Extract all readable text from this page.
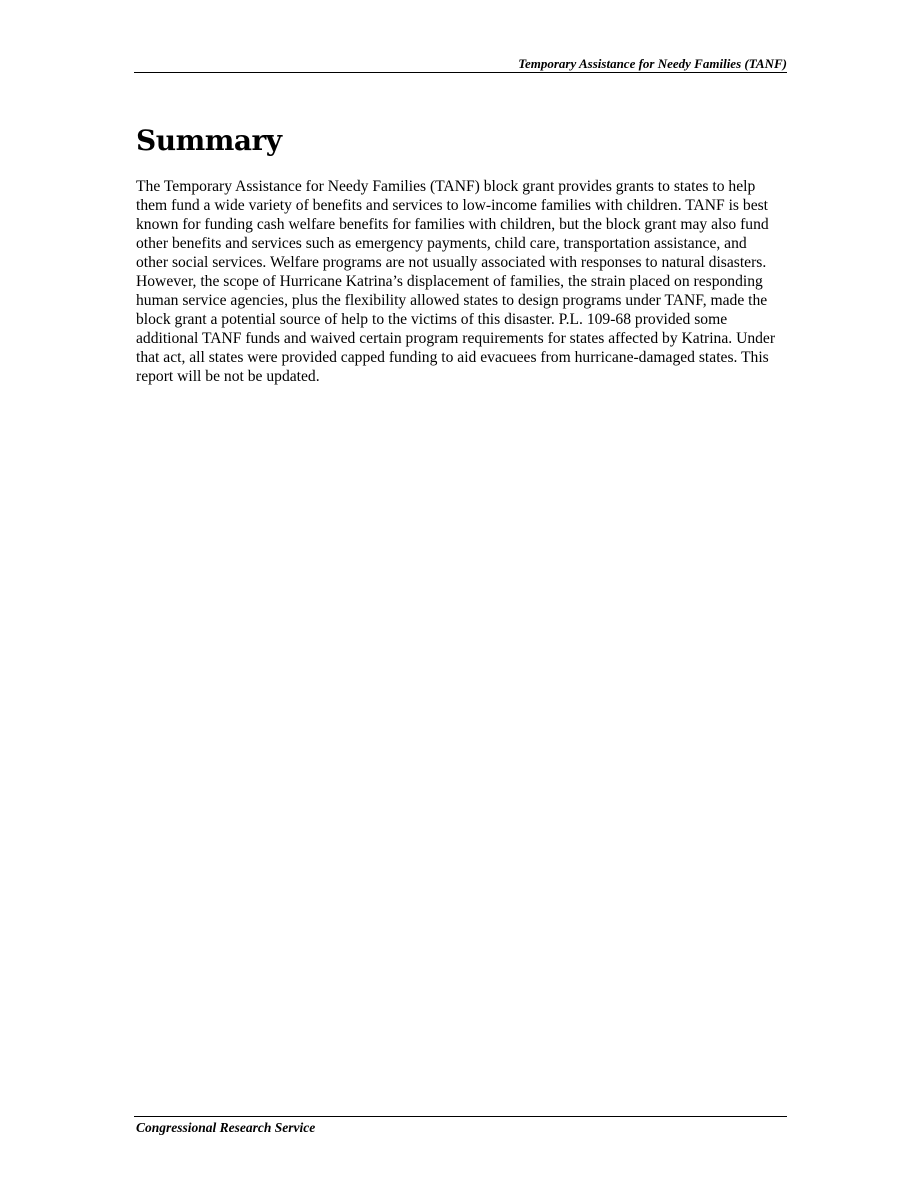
Temporary Assistance for Needy Families (TANF)
Summary

The Temporary Assistance for Needy Families (TANF) block grant provides grants to states to help them fund a wide variety of benefits and services to low-income families with children. TANF is best known for funding cash welfare benefits for families with children, but the block grant may also fund other benefits and services such as emergency payments, child care, transportation assistance, and other social services. Welfare programs are not usually associated with responses to natural disasters. However, the scope of Hurricane Katrina’s displacement of families, the strain placed on responding human service agencies, plus the flexibility allowed states to design programs under TANF, made the block grant a potential source of help to the victims of this disaster. P.L. 109-68 provided some additional TANF funds and waived certain program requirements for states affected by Katrina. Under that act, all states were provided capped funding to aid evacuees from hurricane-damaged states. This report will be not be updated.

Congressional Research Service
